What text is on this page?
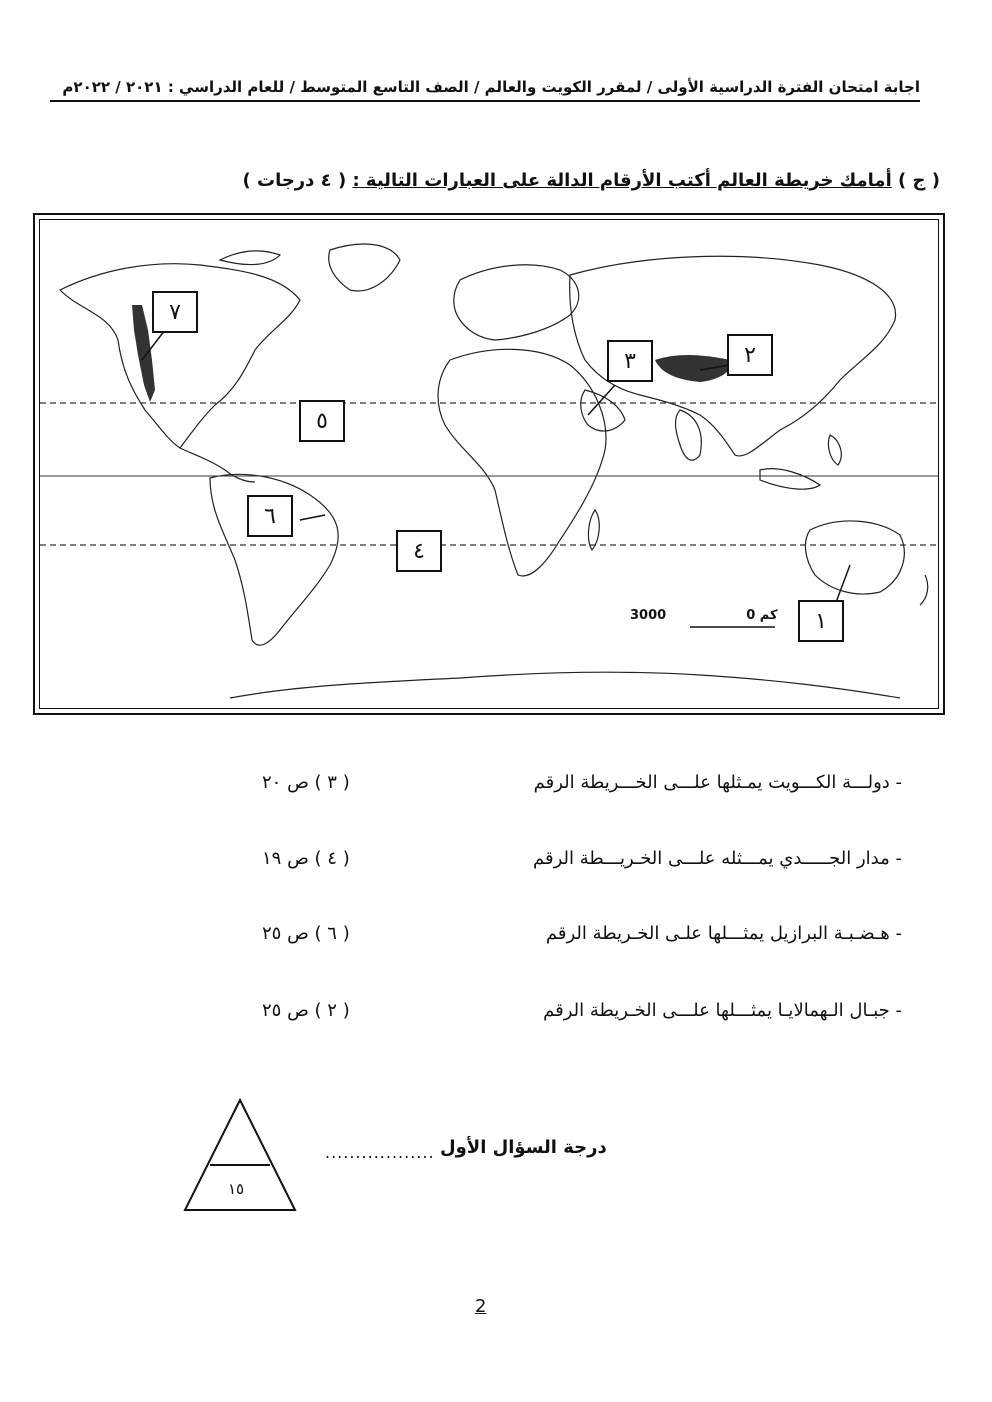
اجابة امتحان الفترة الدراسية الأولى / لمقرر الكويت والعالم / الصف التاسع المتوسط / للعام الدراسي : ٢٠٢١ / ٢٠٢٢م
( ج ) أمامك خريطة العالم أكتب الأرقام الدالة على العبارات التالية : ( ٤ درجات )
٧
٣	٢
٥
٦
٤
١
3000كم 0
- دولـــة الكـــويت يمـثلها علـــى الخـــريطة الرقم
( ٣ ) ص ٢٠
- مدار الجـــــدي يمـــثله علـــى الخـريـــطة الرقم
( ٤ ) ص ١٩
- هـضـبـة البرازيل يمثـــلها علـى الخـريطة الرقم
( ٦ ) ص ٢٥
- جبـال الـهمالايـا يمثـــلها علـــى الخـريطة الرقم
( ٢ ) ص ٢٥
١٥
درجة السؤال الأول
..................
2
